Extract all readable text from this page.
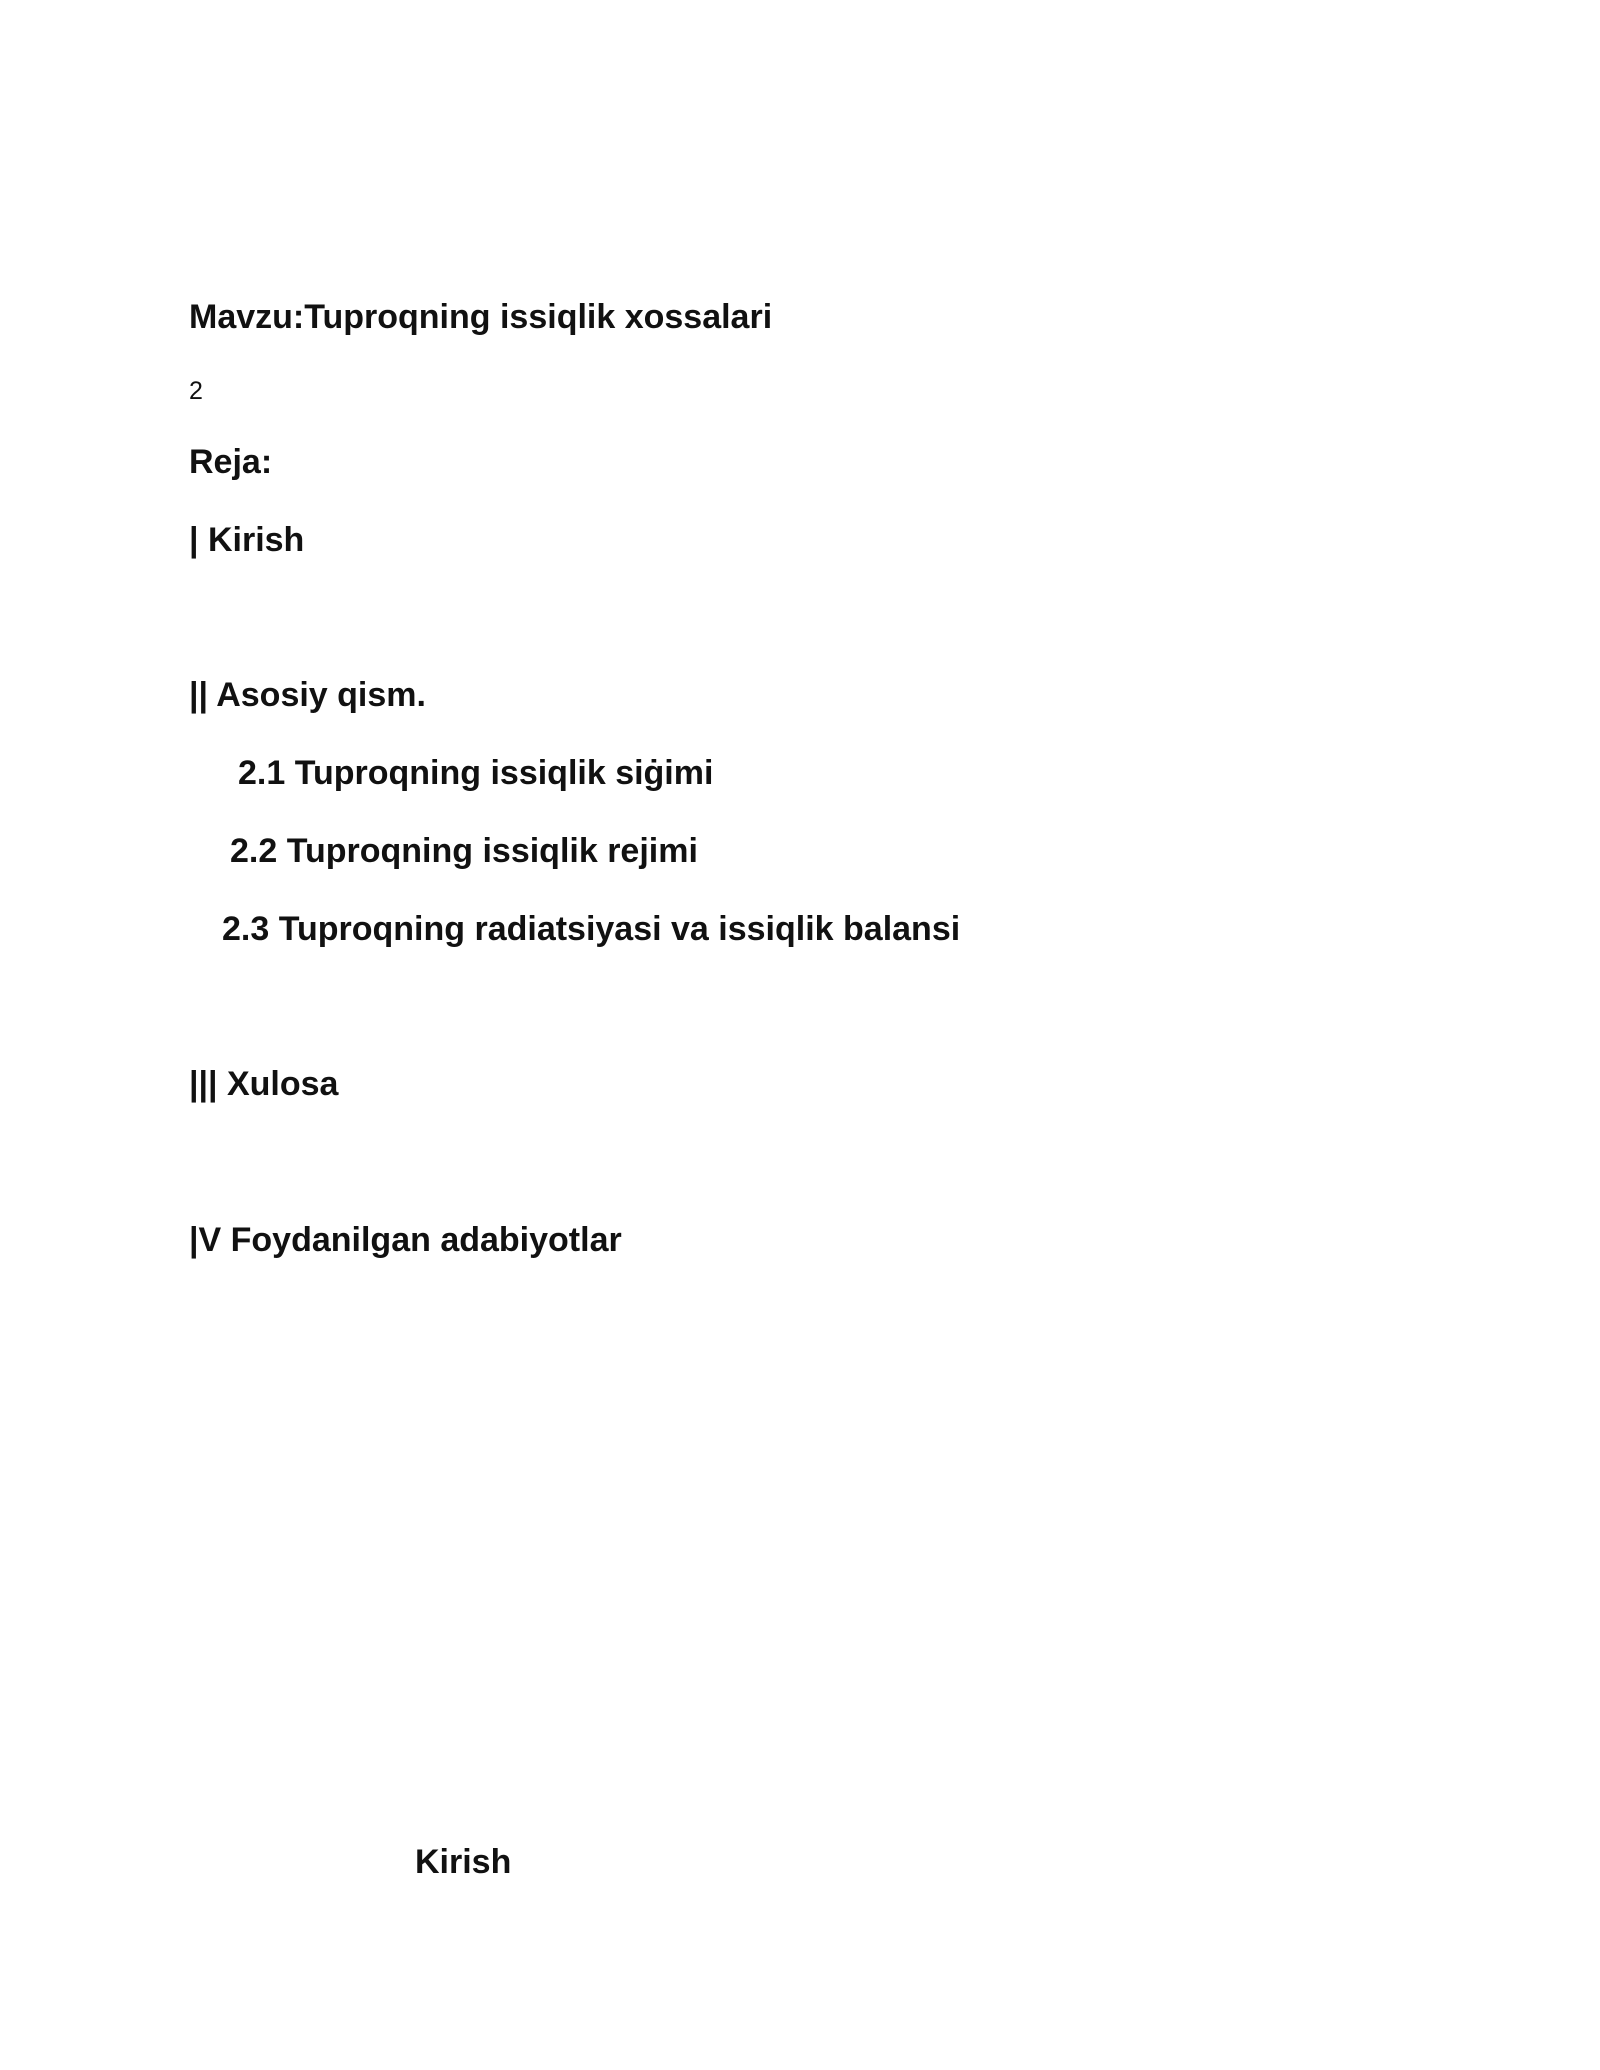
Mavzu:Tuproqning issiqlik xossalari
2
Reja:
| Kirish
|| Asosiy qism.
2.1 Tuproqning issiqlik siġimi
2.2 Tuproqning issiqlik rejimi
2.3 Tuproqning radiatsiyasi va issiqlik balansi
||| Xulosa
|V Foydanilgan adabiyotlar
Kirish
